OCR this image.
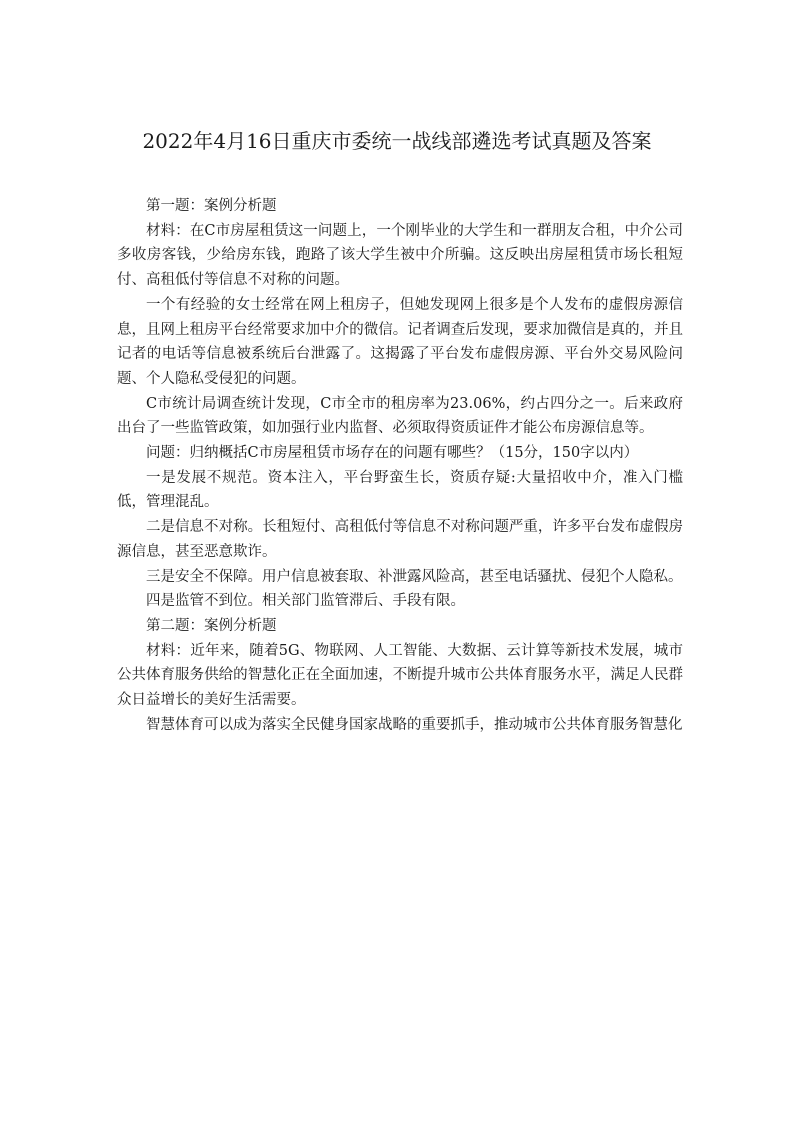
2022年4月16日重庆市委统一战线部遴选考试真题及答案

第一题：案例分析题

材料：在C市房屋租赁这一问题上，一个刚毕业的大学生和一群朋友合租，中介公司多收房客钱，少给房东钱，跑路了该大学生被中介所骗。这反映出房屋租赁市场长租短付、高租低付等信息不对称的问题。

一个有经验的女士经常在网上租房子，但她发现网上很多是个人发布的虚假房源信息，且网上租房平台经常要求加中介的微信。记者调查后发现，要求加微信是真的，并且记者的电话等信息被系统后台泄露了。这揭露了平台发布虚假房源、平台外交易风险问题、个人隐私受侵犯的问题。

C市统计局调查统计发现，C市全市的租房率为23.06%，约占四分之一。后来政府出台了一些监管政策，如加强行业内监督、必须取得资质证件才能公布房源信息等。

问题：归纳概括C市房屋租赁市场存在的问题有哪些？（15分，150字以内）

一是发展不规范。资本注入，平台野蛮生长，资质存疑:大量招收中介，准入门槛低，管理混乱。

二是信息不对称。长租短付、高租低付等信息不对称问题严重，许多平台发布虚假房源信息，甚至恶意欺诈。

三是安全不保障。用户信息被套取、补泄露风险高，甚至电话骚扰、侵犯个人隐私。

四是监管不到位。相关部门监管滞后、手段有限。

第二题：案例分析题

材料：近年来，随着5G、物联网、人工智能、大数据、云计算等新技术发展，城市公共体育服务供给的智慧化正在全面加速，不断提升城市公共体育服务水平，满足人民群众日益增长的美好生活需要。

智慧体育可以成为落实全民健身国家战略的重要抓手，推动城市公共体育服务智慧化
